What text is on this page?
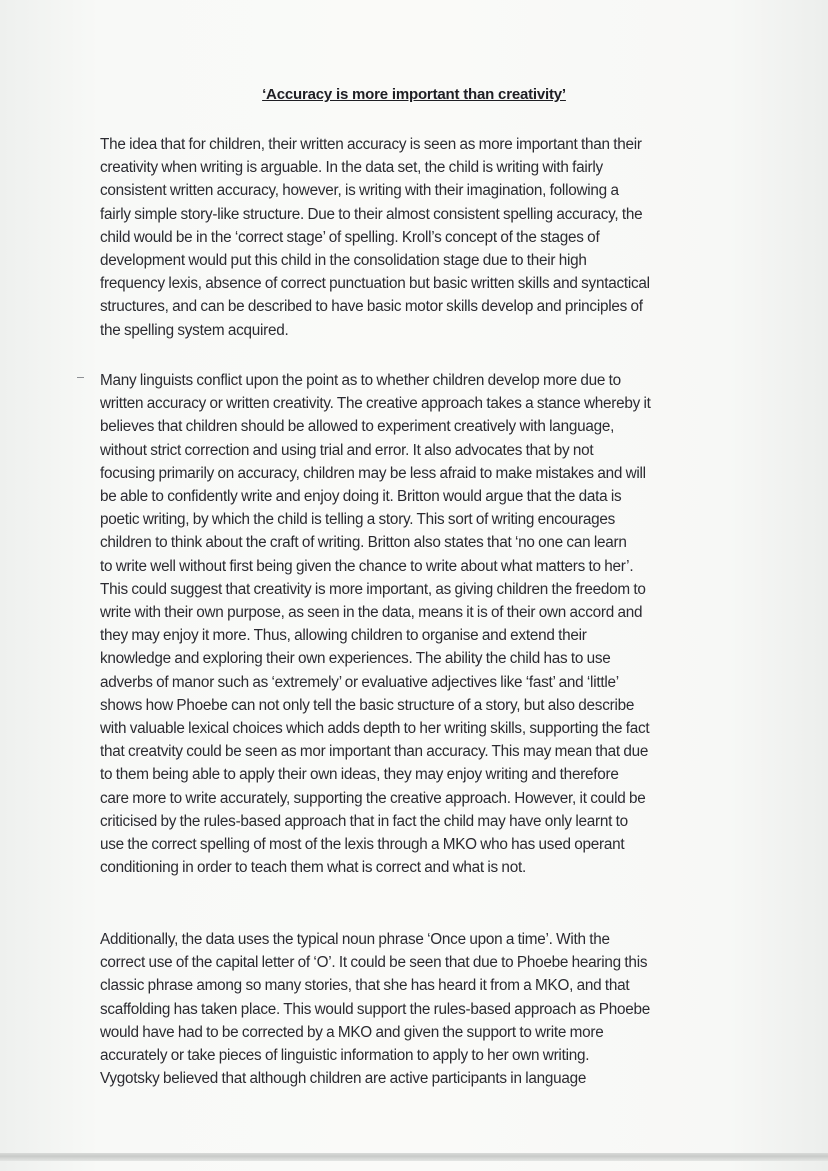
‘Accuracy is more important than creativity’

The idea that for children, their written accuracy is seen as more important than their
creativity when writing is arguable. In the data set, the child is writing with fairly
consistent written accuracy, however, is writing with their imagination, following a
fairly simple story-like structure. Due to their almost consistent spelling accuracy, the
child would be in the ‘correct stage’ of spelling. Kroll’s concept of the stages of
development would put this child in the consolidation stage due to their high
frequency lexis, absence of correct punctuation but basic written skills and syntactical
structures, and can be described to have basic motor skills develop and principles of
the spelling system acquired.

Many linguists conflict upon the point as to whether children develop more due to
written accuracy or written creativity. The creative approach takes a stance whereby it
believes that children should be allowed to experiment creatively with language,
without strict correction and using trial and error. It also advocates that by not
focusing primarily on accuracy, children may be less afraid to make mistakes and will
be able to confidently write and enjoy doing it. Britton would argue that the data is
poetic writing, by which the child is telling a story. This sort of writing encourages
children to think about the craft of writing. Britton also states that ‘no one can learn
to write well without first being given the chance to write about what matters to her’.
This could suggest that creativity is more important, as giving children the freedom to
write with their own purpose, as seen in the data, means it is of their own accord and
they may enjoy it more. Thus, allowing children to organise and extend their
knowledge and exploring their own experiences. The ability the child has to use
adverbs of manor such as ‘extremely’ or evaluative adjectives like ‘fast’ and ‘little’
shows how Phoebe can not only tell the basic structure of a story, but also describe
with valuable lexical choices which adds depth to her writing skills, supporting the fact
that creatvity could be seen as mor important than accuracy. This may mean that due
to them being able to apply their own ideas, they may enjoy writing and therefore
care more to write accurately, supporting the creative approach. However, it could be
criticised by the rules-based approach that in fact the child may have only learnt to
use the correct spelling of most of the lexis through a MKO who has used operant
conditioning in order to teach them what is correct and what is not.

Additionally, the data uses the typical noun phrase ‘Once upon a time’. With the
correct use of the capital letter of ‘O’. It could be seen that due to Phoebe hearing this
classic phrase among so many stories, that she has heard it from a MKO, and that
scaffolding has taken place. This would support the rules-based approach as Phoebe
would have had to be corrected by a MKO and given the support to write more
accurately or take pieces of linguistic information to apply to her own writing.
Vygotsky believed that although children are active participants in language
